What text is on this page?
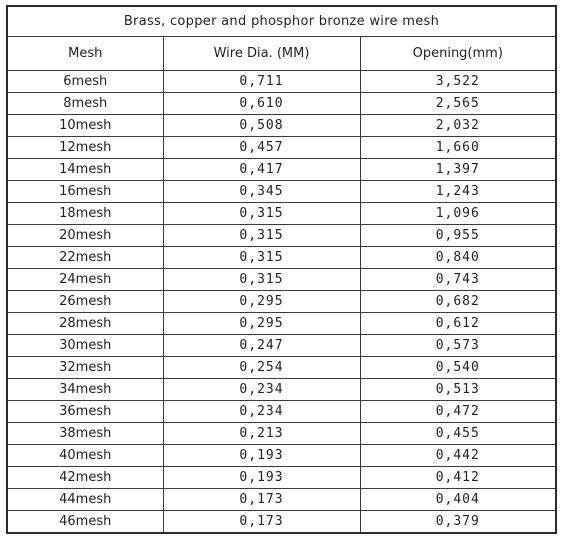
Brass, copper and phosphor bronze wire mesh		
Mesh	Wire Dia. (MM)	Opening(mm)
6mesh	0,711	3,522
8mesh	0,610	2,565
10mesh	0,508	2,032
12mesh	0,457	1,660
14mesh	0,417	1,397
16mesh	0,345	1,243
18mesh	0,315	1,096
20mesh	0,315	0,955
22mesh	0,315	0,840
24mesh	0,315	0,743
26mesh	0,295	0,682
28mesh	0,295	0,612
30mesh	0,247	0,573
32mesh	0,254	0,540
34mesh	0,234	0,513
36mesh	0,234	0,472
38mesh	0,213	0,455
40mesh	0,193	0,442
42mesh	0,193	0,412
44mesh	0,173	0,404
46mesh	0,173	0,379
